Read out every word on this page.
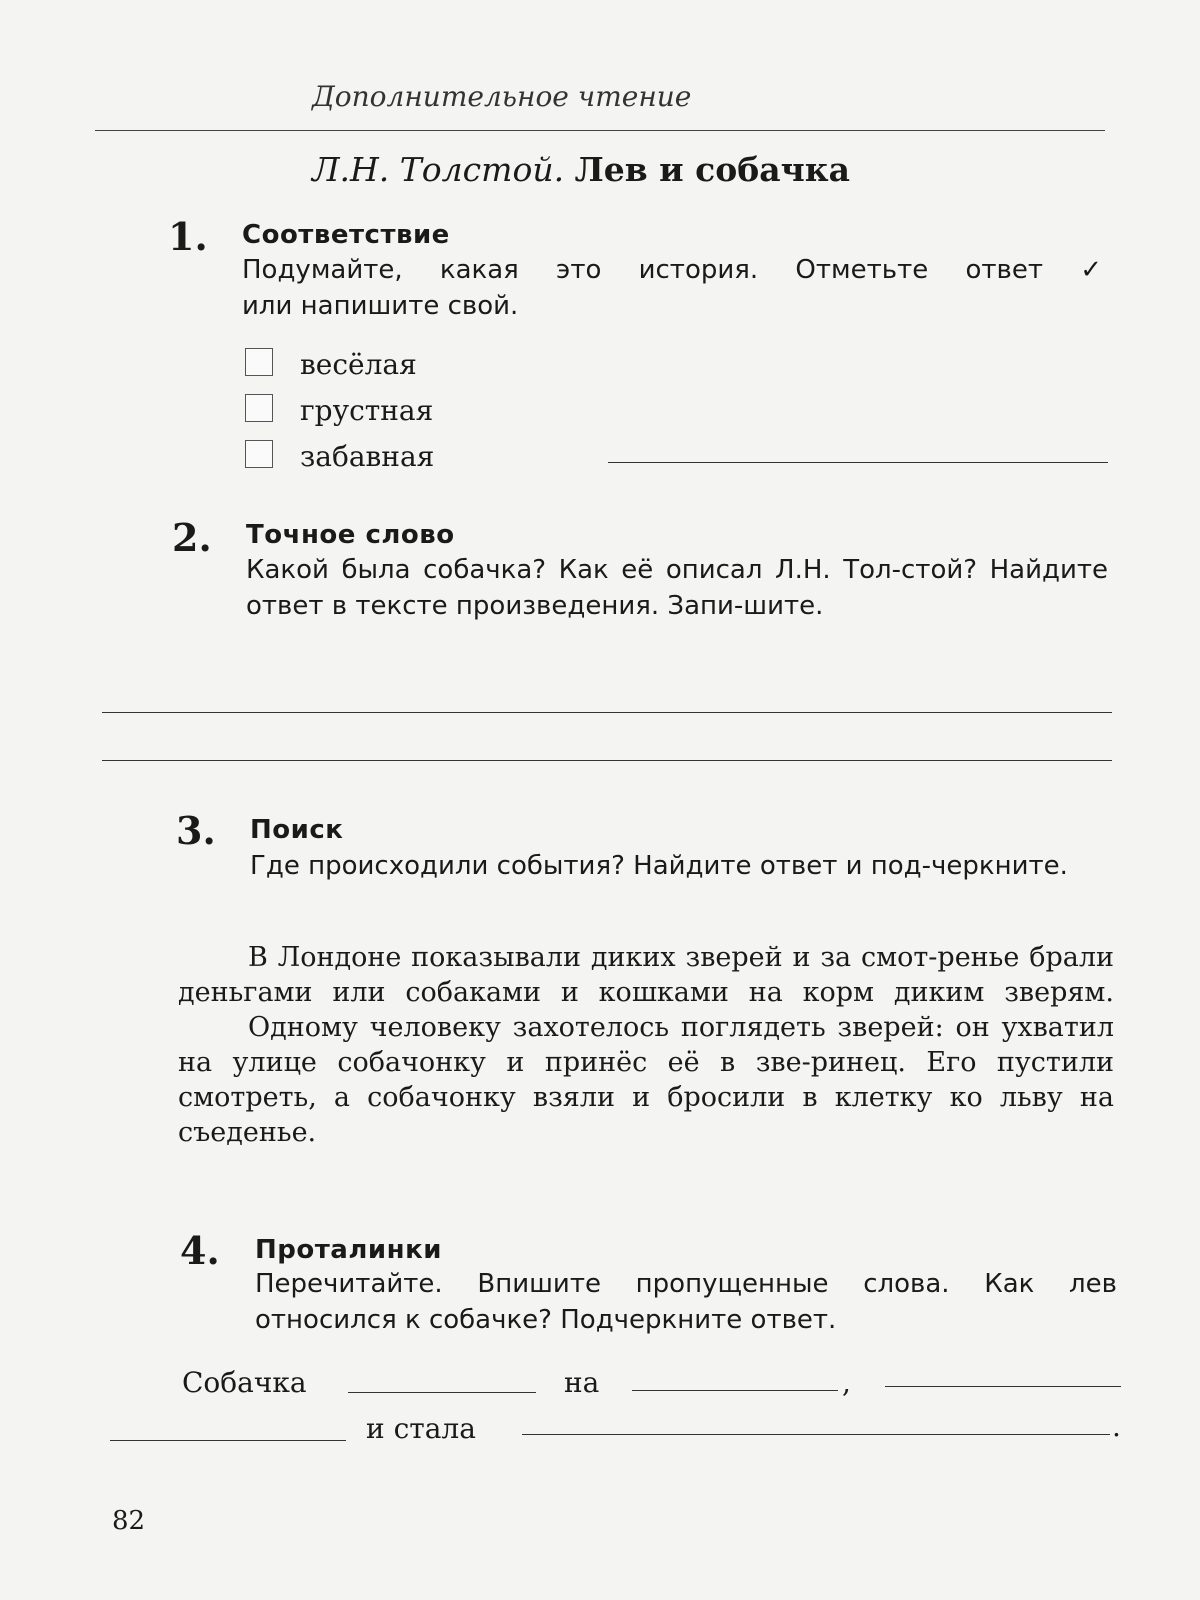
Дополнительное чтение
Л.Н. Толстой. Лев и собачка
1. Соответствие
Подумайте, какая это история. Отметьте ответ ✓
или напишите свой.
весёлая
грустная
забавная
2. Точное слово
Какой была собачка? Как её описал Л.Н. Тол-стой? Найдите ответ в тексте произведения. Запи-шите.
3. Поиск
Где происходили события? Найдите ответ и под-черкните.

В Лондоне показывали диких зверей и за смот-ренье брали деньгами или собаками и кошками на корм диким зверям.

Одному человеку захотелось поглядеть зверей: он ухватил на улице собачонку и принёс её в зве-ринец. Его пустили смотреть, а собачонку взяли и бросили в клетку ко льву на съеденье.

4. Проталинки
Перечитайте. Впишите пропущенные слова. Как лев относился к собачке? Подчеркните ответ.
Собачка	на	,
и стала	.
82
